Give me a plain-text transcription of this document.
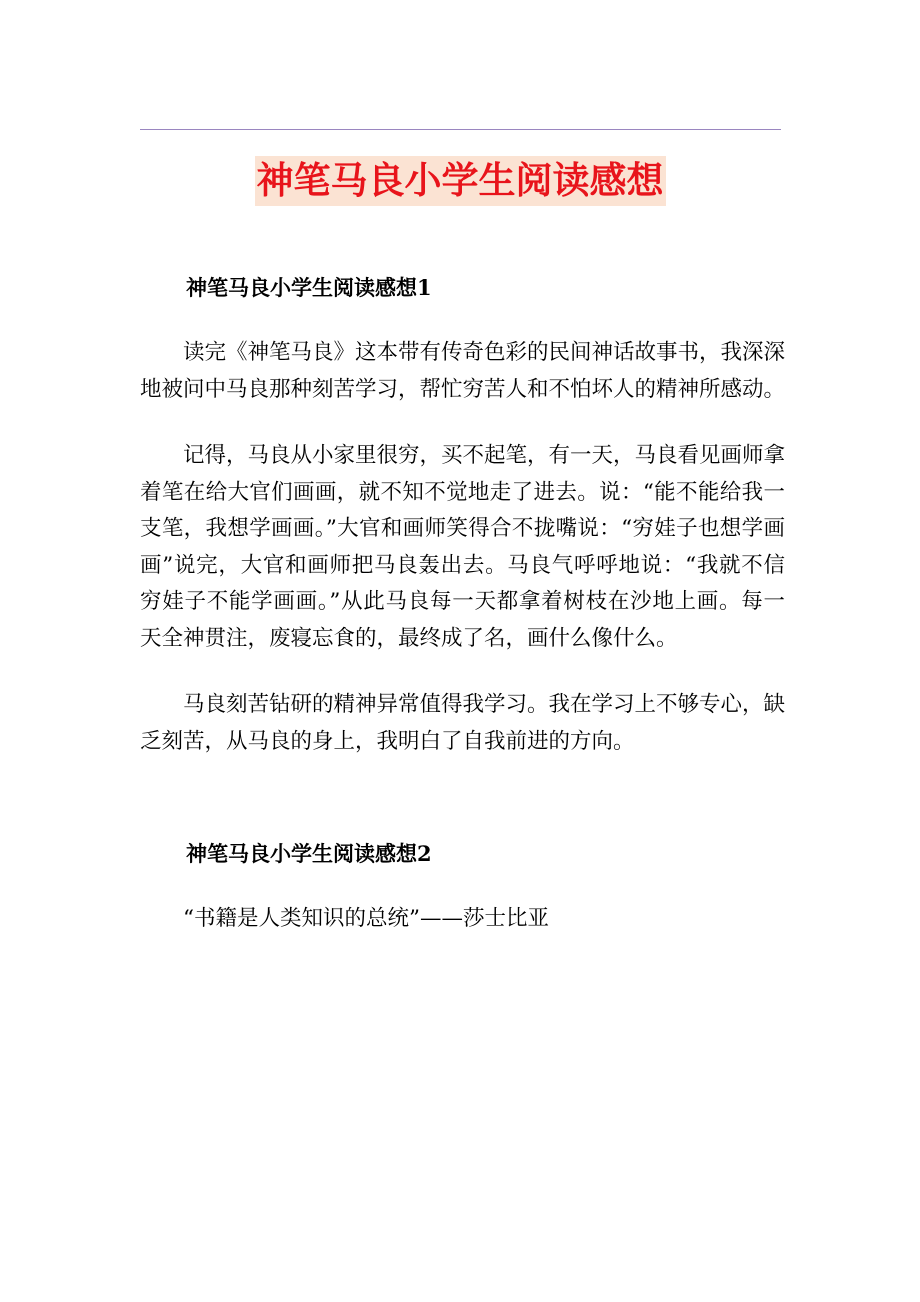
神笔马良小学生阅读感想

神笔马良小学生阅读感想1

读完《神笔马良》这本带有传奇色彩的民间神话故事书，我深深地被问中马良那种刻苦学习，帮忙穷苦人和不怕坏人的精神所感动。

记得，马良从小家里很穷，买不起笔，有一天，马良看见画师拿着笔在给大官们画画，就不知不觉地走了进去。说：“能不能给我一支笔，我想学画画。”大官和画师笑得合不拢嘴说：“穷娃子也想学画画”说完，大官和画师把马良轰出去。马良气呼呼地说：“我就不信穷娃子不能学画画。”从此马良每一天都拿着树枝在沙地上画。每一天全神贯注，废寝忘食的，最终成了名，画什么像什么。

马良刻苦钻研的精神异常值得我学习。我在学习上不够专心，缺乏刻苦，从马良的身上，我明白了自我前进的方向。

神笔马良小学生阅读感想2

“书籍是人类知识的总统”——莎士比亚
